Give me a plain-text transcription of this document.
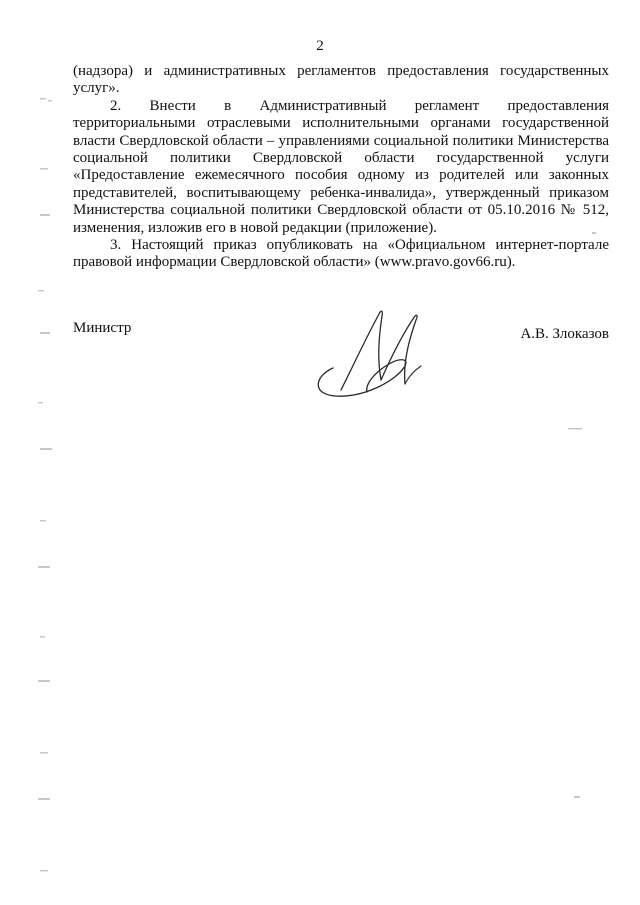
2

(надзора) и административных регламентов предоставления государственных услуг».

2. Внести в Административный регламент предоставления территориальными отраслевыми исполнительными органами государственной власти Свердловской области – управлениями социальной политики Министерства социальной политики Свердловской области государственной услуги «Предоставление ежемесячного пособия одному из родителей или законных представителей, воспитывающему ребенка-инвалида», утвержденный приказом Министерства социальной политики Свердловской области от 05.10.2016 № 512, изменения, изложив его в новой редакции (приложение).

3. Настоящий приказ опубликовать на «Официальном интернет-портале правовой информации Свердловской области» (www.pravo.gov66.ru).

Министр	А.В. Злоказов
